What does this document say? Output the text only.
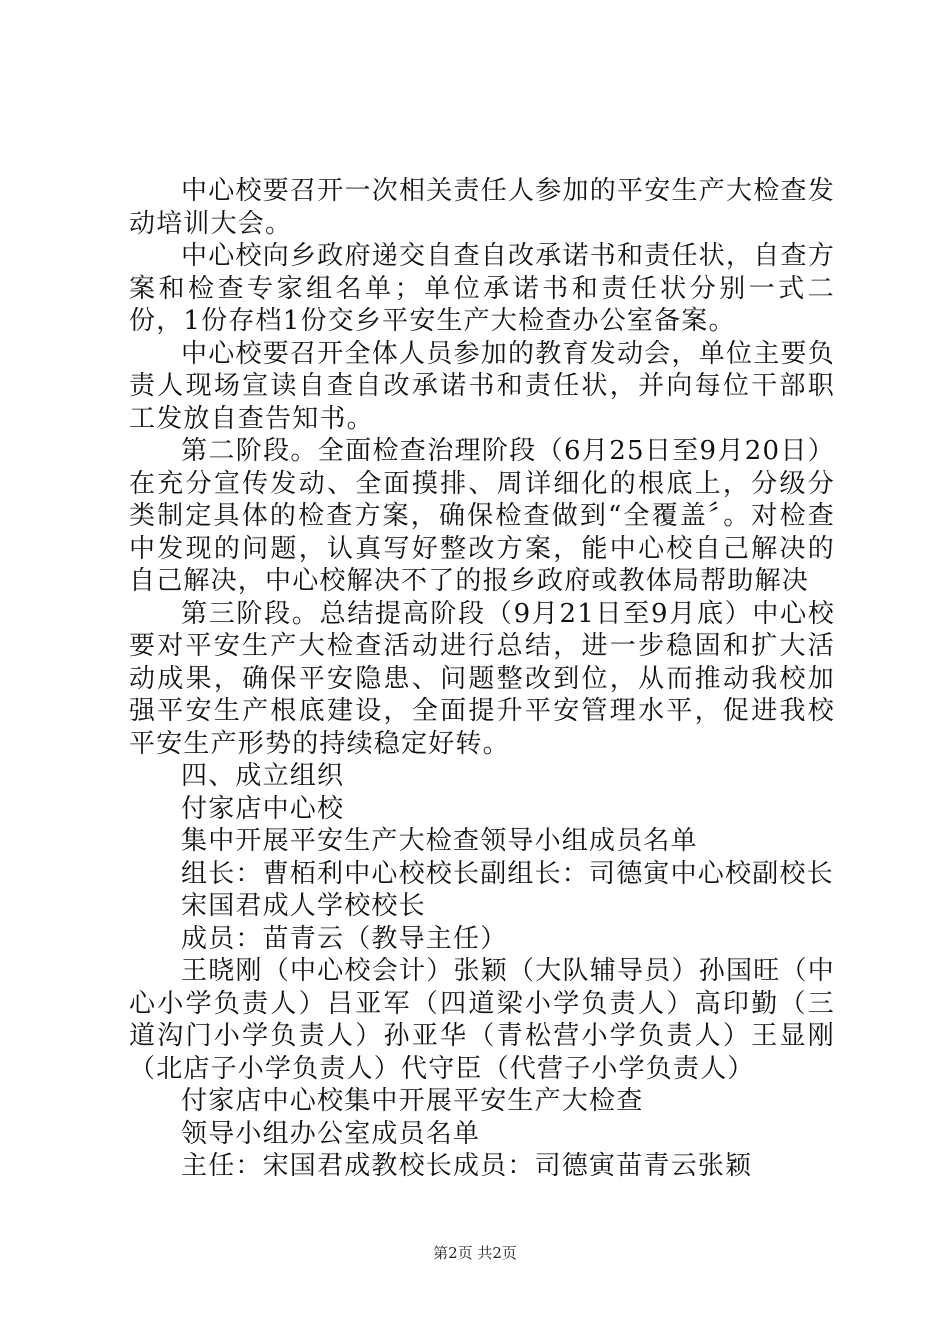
中心校要召开一次相关责任人参加的平安生产大检查发动培训大会。

中心校向乡政府递交自查自改承诺书和责任状，自查方案和检查专家组名单；单位承诺书和责任状分别一式二份，1份存档1份交乡平安生产大检查办公室备案。

中心校要召开全体人员参加的教育发动会，单位主要负责人现场宣读自查自改承诺书和责任状，并向每位干部职工发放自查告知书。

第二阶段。全面检查治理阶段（6月25日至9月20日）在充分宣传发动、全面摸排、周详细化的根底上，分级分类制定具体的检查方案，确保检查做到“全覆盖〞。对检查中发现的问题，认真写好整改方案，能中心校自己解决的自己解决，中心校解决不了的报乡政府或教体局帮助解决

第三阶段。总结提高阶段（9月21日至9月底）中心校要对平安生产大检查活动进行总结，进一步稳固和扩大活动成果，确保平安隐患、问题整改到位，从而推动我校加强平安生产根底建设，全面提升平安管理水平，促进我校平安生产形势的持续稳定好转。

四、成立组织

付家店中心校

集中开展平安生产大检查领导小组成员名单

组长：曹栢利中心校校长副组长：司德寅中心校副校长

宋国君成人学校校长

成员：苗青云（教导主任）

王晓刚（中心校会计）张颖（大队辅导员）孙国旺（中心小学负责人）吕亚军（四道梁小学负责人）高印勤（三道沟门小学负责人）孙亚华（青松营小学负责人）王显刚（北店子小学负责人）代守臣（代营子小学负责人）

付家店中心校集中开展平安生产大检查

领导小组办公室成员名单

主任：宋国君成教校长成员：司德寅苗青云张颖

第2页 共2页
